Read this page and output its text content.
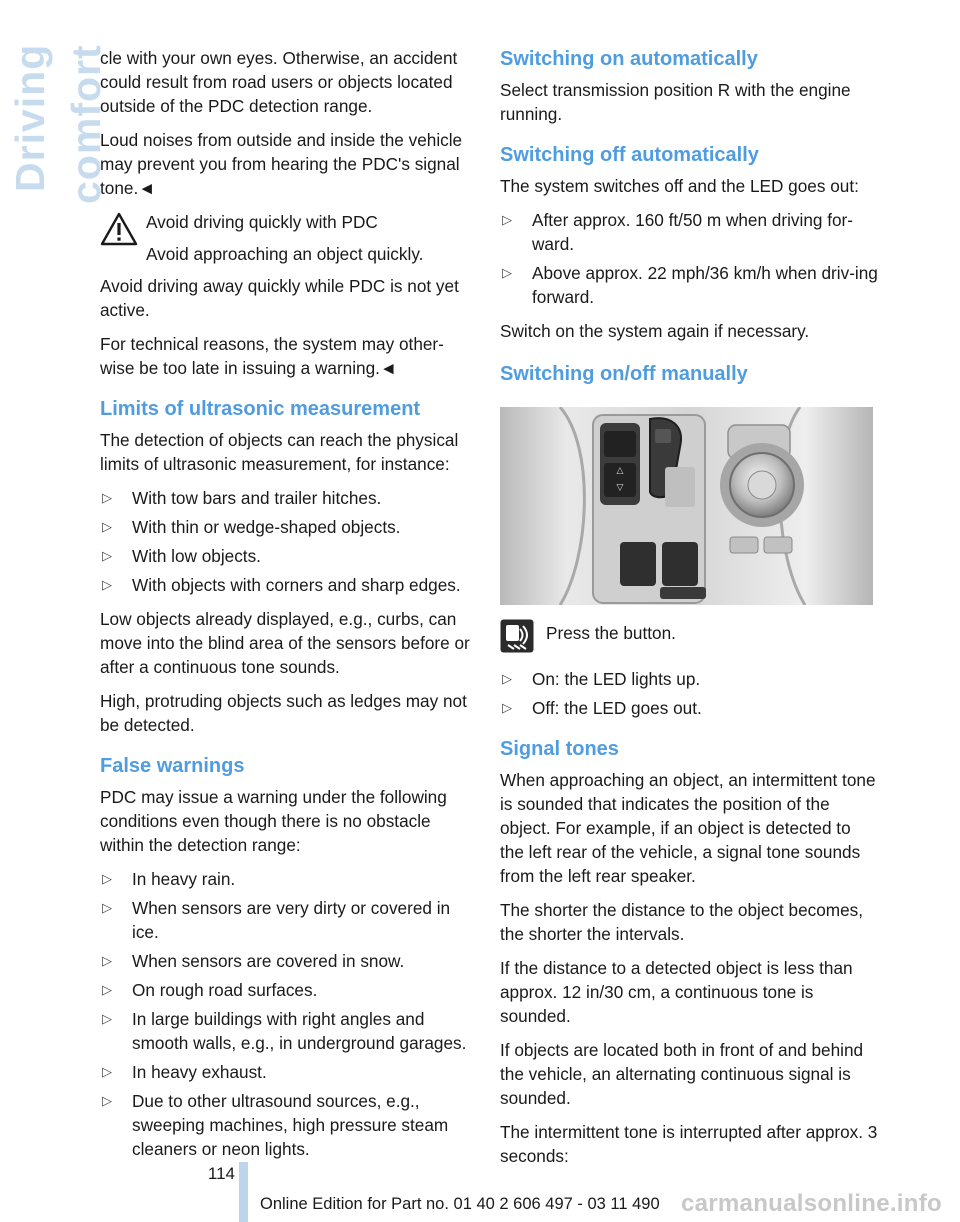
Driving comfort

cle with your own eyes. Otherwise, an accident could result from road users or objects located outside of the PDC detection range.

Loud noises from outside and inside the vehicle may prevent you from hearing the PDC's signal tone.◄

Avoid driving quickly with PDC
Avoid approaching an object quickly.

Avoid driving away quickly while PDC is not yet active.

For technical reasons, the system may other‐wise be too late in issuing a warning.◄

Limits of ultrasonic measurement

The detection of objects can reach the physical limits of ultrasonic measurement, for instance:

▷	With tow bars and trailer hitches.
▷	With thin or wedge-shaped objects.
▷	With low objects.
▷	With objects with corners and sharp edges.

Low objects already displayed, e.g., curbs, can move into the blind area of the sensors before or after a continuous tone sounds.

High, protruding objects such as ledges may not be detected.

False warnings

PDC may issue a warning under the following conditions even though there is no obstacle within the detection range:

▷	In heavy rain.
▷	When sensors are very dirty or covered in ice.
▷	When sensors are covered in snow.
▷	On rough road surfaces.
▷	In large buildings with right angles and smooth walls, e.g., in underground garages.
▷	In heavy exhaust.
▷	Due to other ultrasound sources, e.g., sweeping machines, high pressure steam cleaners or neon lights.
Switching on automatically

Select transmission position R with the engine running.

Switching off automatically

The system switches off and the LED goes out:

▷	After approx. 160 ft/50 m when driving for‐ward.
▷	Above approx. 22 mph/36 km/h when driv‐ing forward.

Switch on the system again if necessary.

Switching on/off manually
△
▽
Press the button.
▷	On: the LED lights up.
▷	Off: the LED goes out.
Signal tones

When approaching an object, an intermittent tone is sounded that indicates the position of the object. For example, if an object is detected to the left rear of the vehicle, a signal tone sounds from the left rear speaker.

The shorter the distance to the object becomes, the shorter the intervals.

If the distance to a detected object is less than approx. 12 in/30 cm, a continuous tone is sounded.

If objects are located both in front of and behind the vehicle, an alternating continuous signal is sounded.

The intermittent tone is interrupted after approx. 3 seconds:

114
Online Edition for Part no. 01 40 2 606 497 - 03 11 490 carmanualsonline.info
